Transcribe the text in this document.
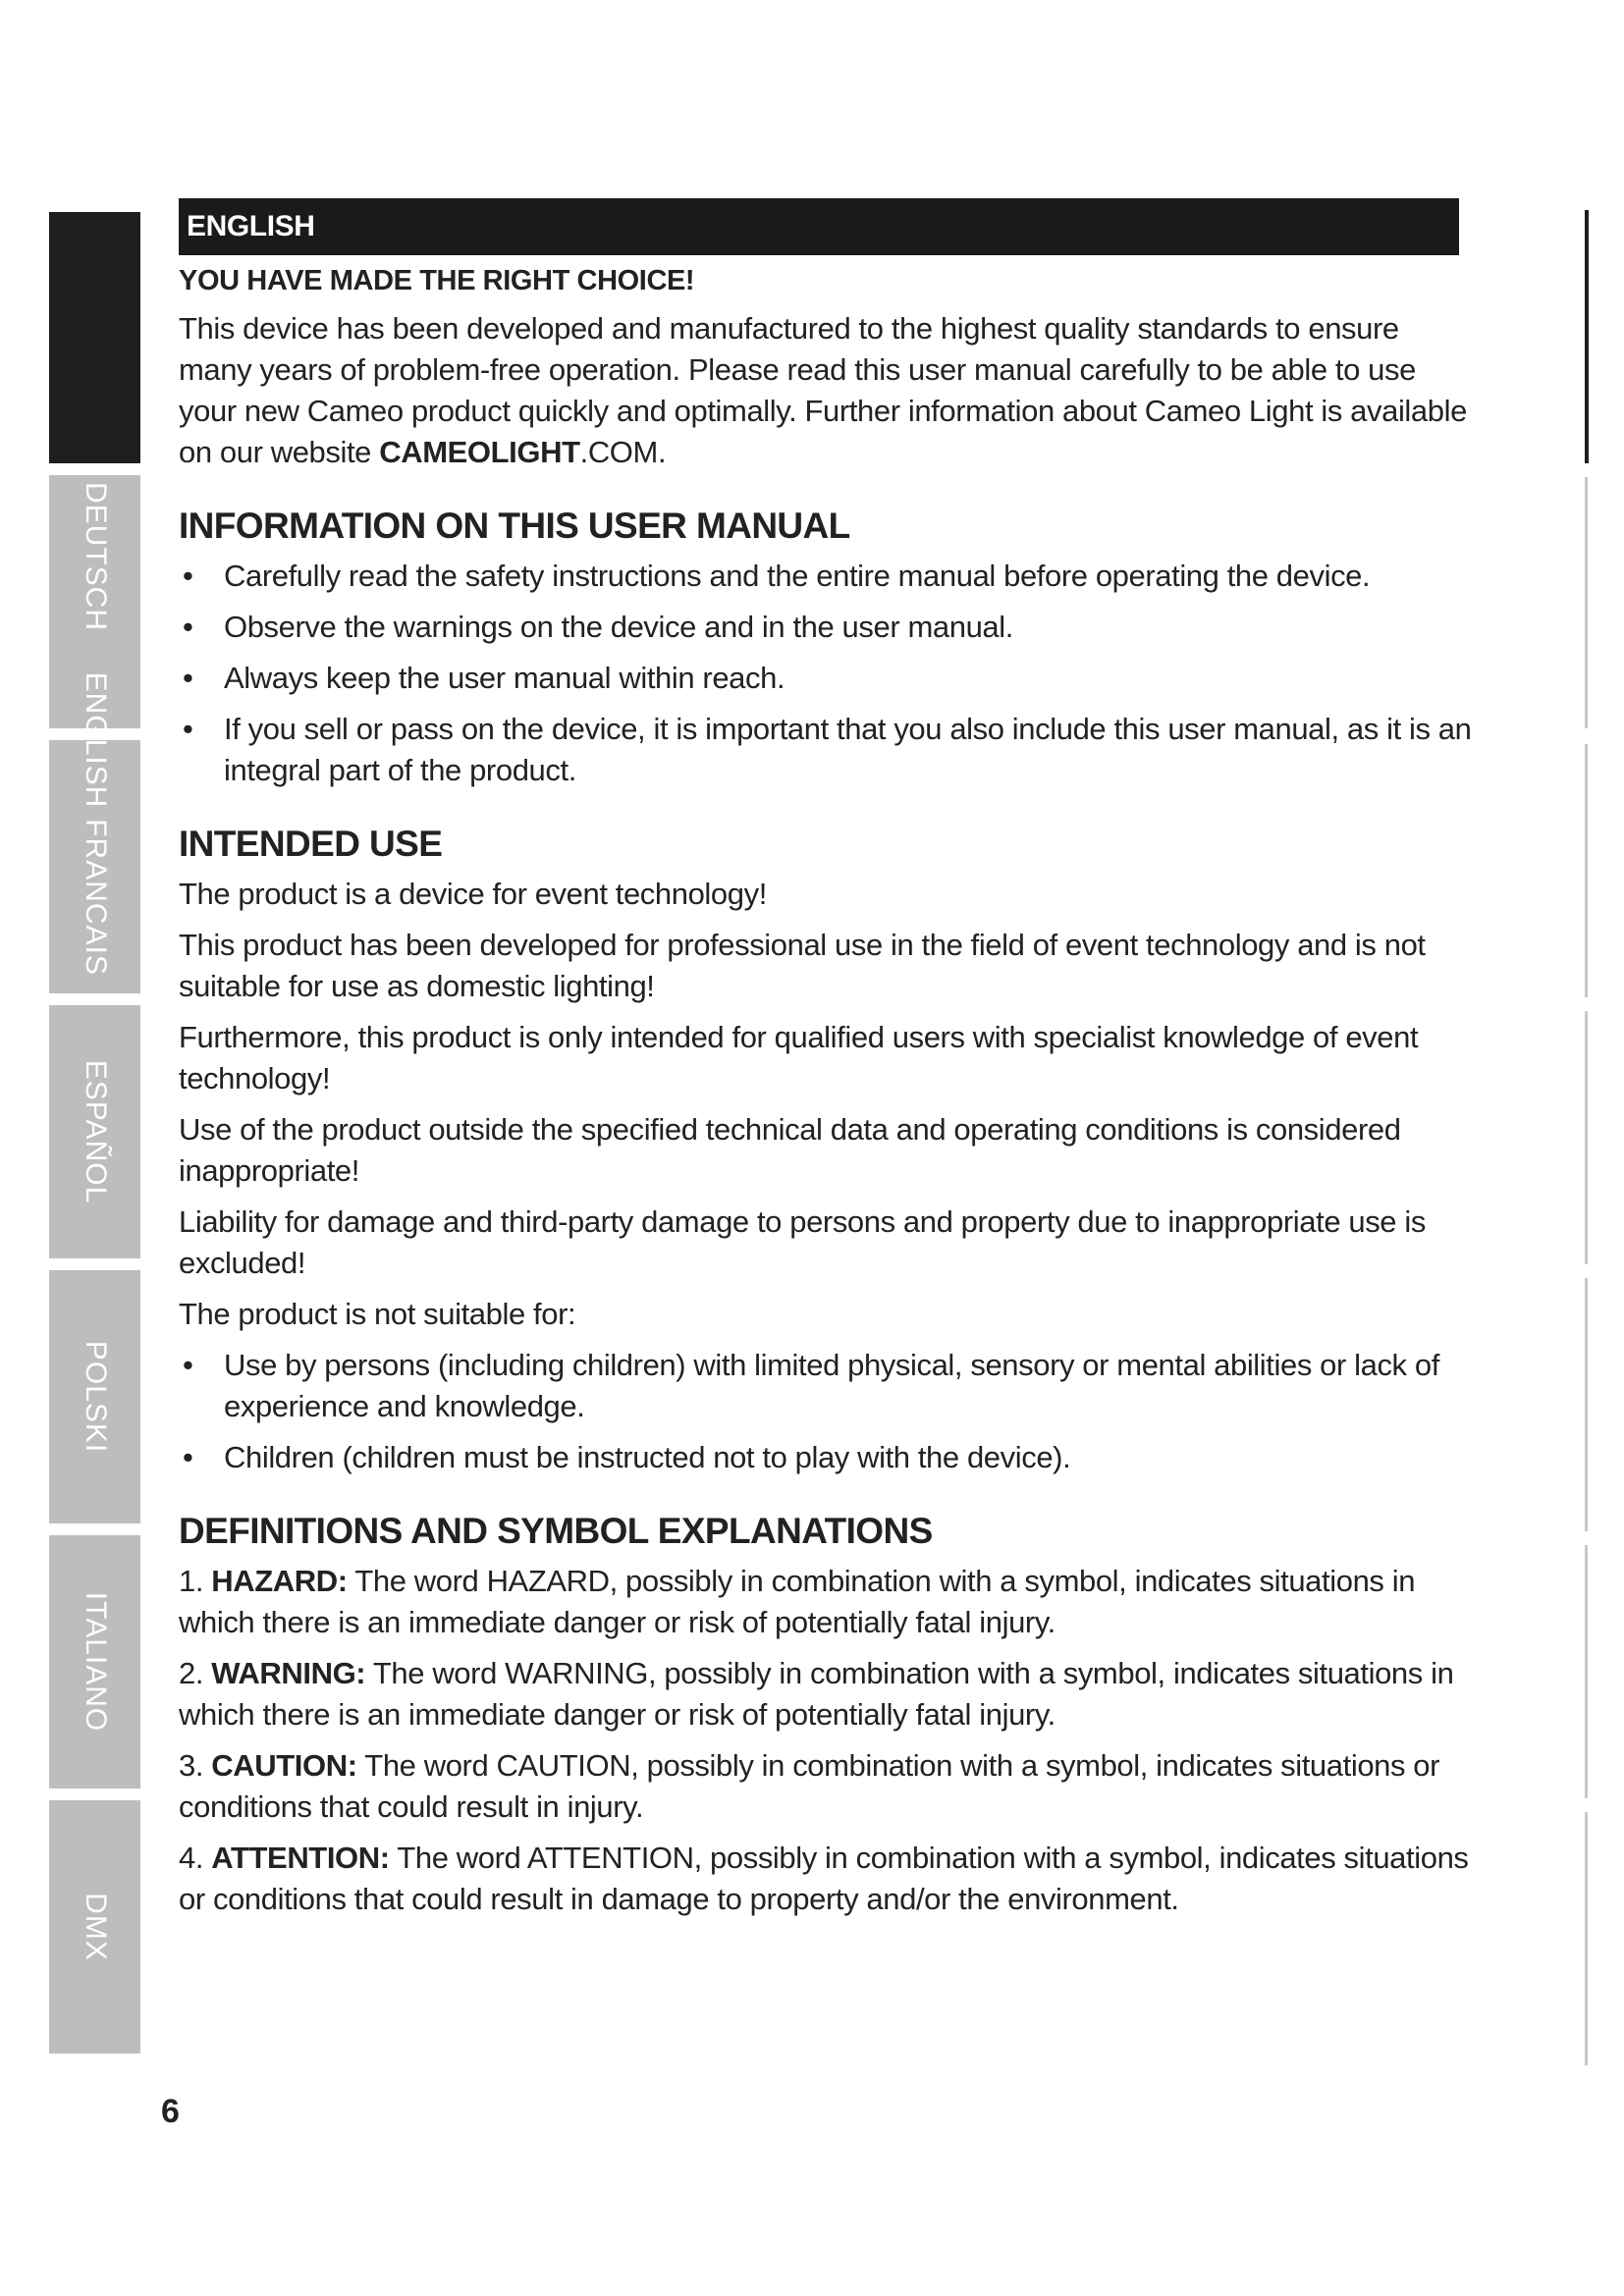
DEUTSCH
ENGLISH
FRANCAIS
ESPAÑOL
POLSKI
ITALIANO
DMX
ENGLISH
YOU HAVE MADE THE RIGHT CHOICE!

This device has been developed and manufactured to the highest quality standards to ensure many years of problem-free operation. Please read this user manual carefully to be able to use your new Cameo product quickly and optimally. Further information about Cameo Light is available on our website CAMEOLIGHT.COM.

INFORMATION ON THIS USER MANUAL
• Carefully read the safety instructions and the entire manual before operating the device.
• Observe the warnings on the device and in the user manual.
• Always keep the user manual within reach.
• If you sell or pass on the device, it is important that you also include this user manual, as it is an integral part of the product.
INTENDED USE

The product is a device for event technology!

This product has been developed for professional use in the field of event technology and is not suitable for use as domestic lighting!

Furthermore, this product is only intended for qualified users with specialist knowledge of event technology!

Use of the product outside the specified technical data and operating conditions is considered inappropriate!

Liability for damage and third-party damage to persons and property due to inappropriate use is excluded!

The product is not suitable for:

• Use by persons (including children) with limited physical, sensory or mental abilities or lack of experience and knowledge.
• Children (children must be instructed not to play with the device).
DEFINITIONS AND SYMBOL EXPLANATIONS
1. HAZARD: The word HAZARD, possibly in combination with a symbol, indicates situations in which there is an immediate danger or risk of potentially fatal injury.
2. WARNING: The word WARNING, possibly in combination with a symbol, indicates situations in which there is an immediate danger or risk of potentially fatal injury.
3. CAUTION: The word CAUTION, possibly in combination with a symbol, indicates situations or conditions that could result in injury.
4. ATTENTION: The word ATTENTION, possibly in combination with a symbol, indicates situations or conditions that could result in damage to property and/or the environment.
6
